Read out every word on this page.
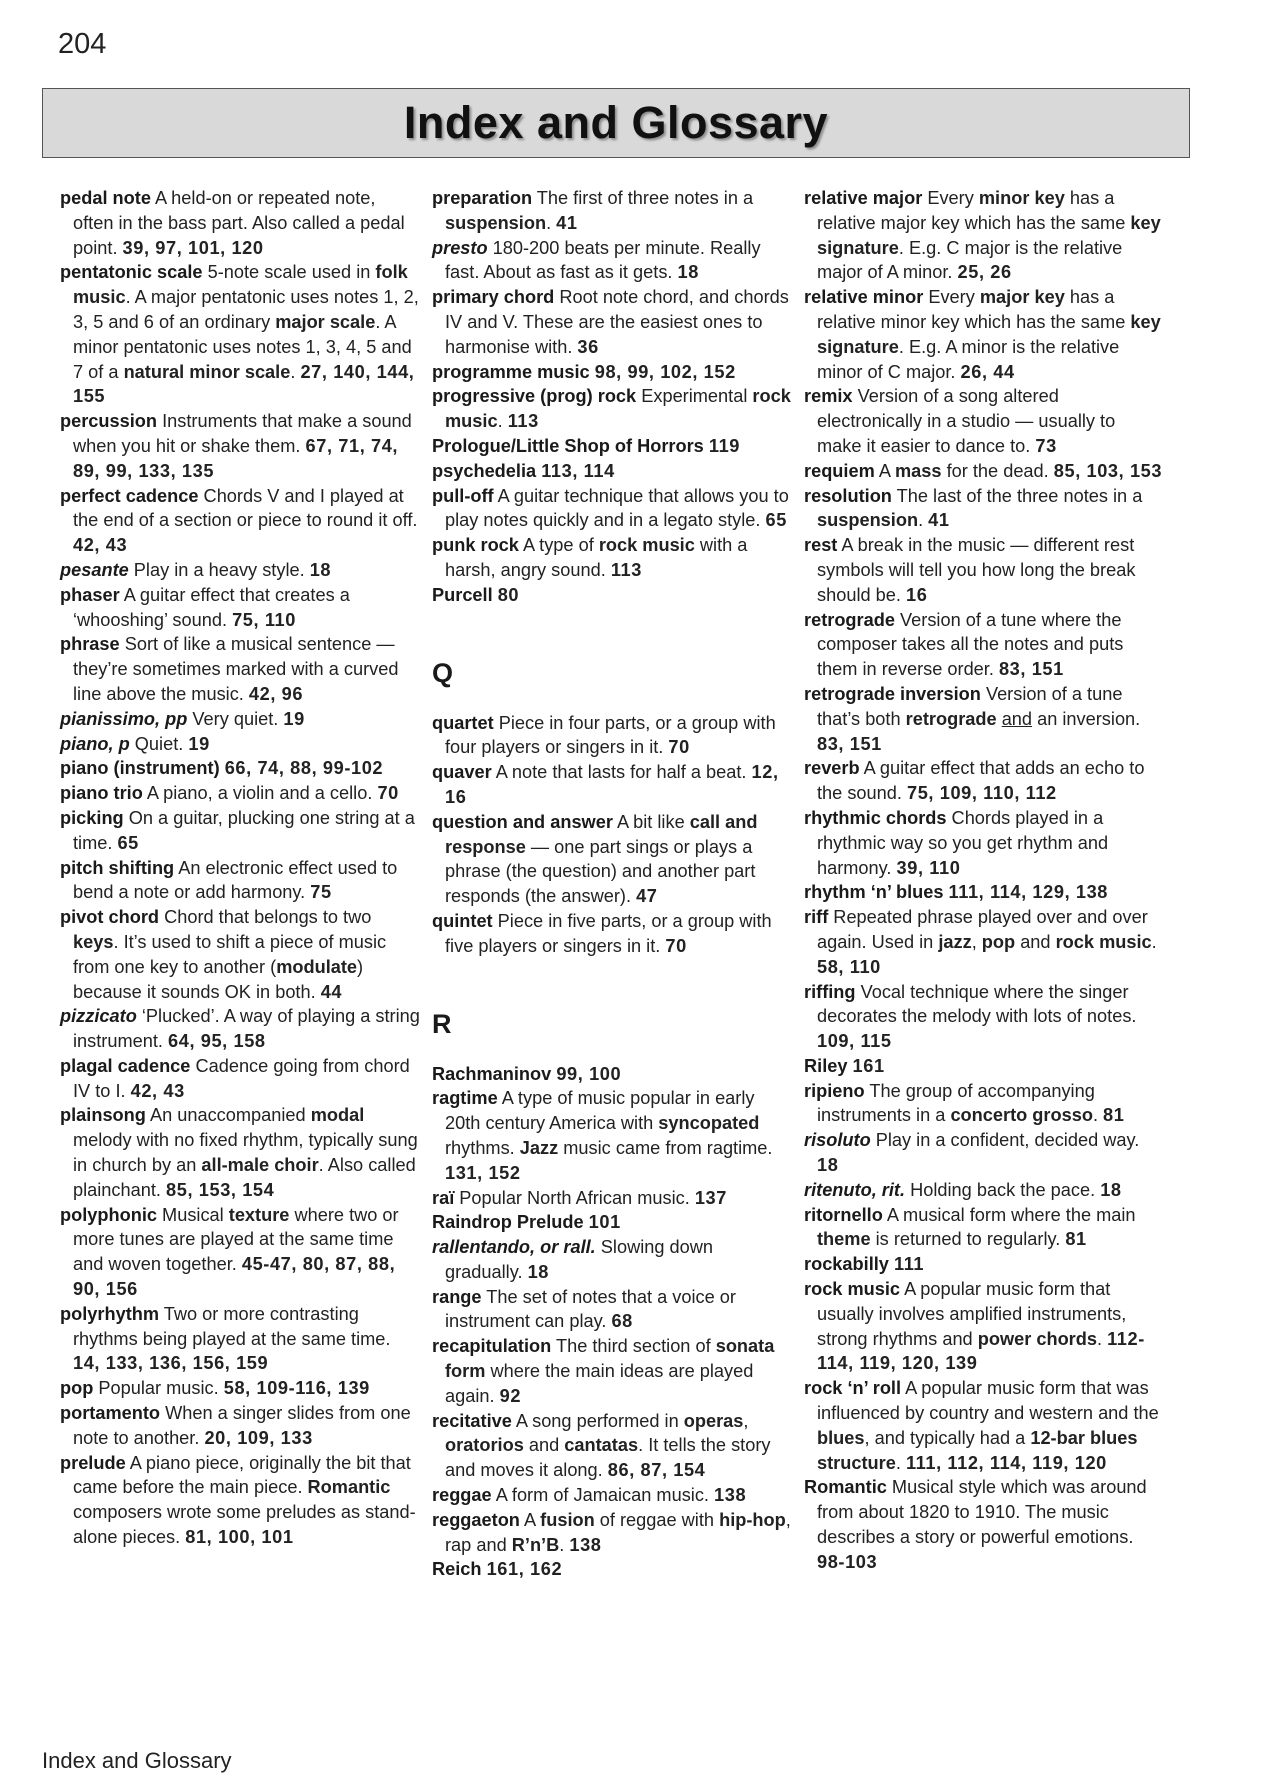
204
Index and Glossary

pedal note A held-on or repeated note, often in the bass part. Also called a pedal point. 39, 97, 101, 120

pentatonic scale 5-note scale used in folk music. A major pentatonic uses notes 1, 2, 3, 5 and 6 of an ordinary major scale. A minor pentatonic uses notes 1, 3, 4, 5 and 7 of a natural minor scale. 27, 140, 144, 155

percussion Instruments that make a sound when you hit or shake them. 67, 71, 74, 89, 99, 133, 135

perfect cadence Chords V and I played at the end of a section or piece to round it off. 42, 43

pesante Play in a heavy style. 18

phaser A guitar effect that creates a ‘whooshing’ sound. 75, 110

phrase Sort of like a musical sentence — they’re sometimes marked with a curved line above the music. 42, 96

pianissimo, pp Very quiet. 19

piano, p Quiet. 19

piano (instrument) 66, 74, 88, 99-102

piano trio A piano, a violin and a cello. 70

picking On a guitar, plucking one string at a time. 65

pitch shifting An electronic effect used to bend a note or add harmony. 75

pivot chord Chord that belongs to two keys. It’s used to shift a piece of music from one key to another (modulate) because it sounds OK in both. 44

pizzicato ‘Plucked’. A way of playing a string instrument. 64, 95, 158

plagal cadence Cadence going from chord IV to I. 42, 43

plainsong An unaccompanied modal melody with no fixed rhythm, typically sung in church by an all-male choir. Also called plainchant. 85, 153, 154

polyphonic Musical texture where two or more tunes are played at the same time and woven together. 45-47, 80, 87, 88, 90, 156

polyrhythm Two or more contrasting rhythms being played at the same time. 14, 133, 136, 156, 159

pop Popular music. 58, 109-116, 139

portamento When a singer slides from one note to another. 20, 109, 133

prelude A piano piece, originally the bit that came before the main piece. Romantic composers wrote some preludes as stand-alone pieces. 81, 100, 101

preparation The first of three notes in a suspension. 41

presto 180-200 beats per minute. Really fast. About as fast as it gets. 18

primary chord Root note chord, and chords IV and V. These are the easiest ones to harmonise with. 36

programme music 98, 99, 102, 152

progressive (prog) rock Experimental rock music. 113

Prologue/Little Shop of Horrors 119

psychedelia 113, 114

pull-off A guitar technique that allows you to play notes quickly and in a legato style. 65

punk rock A type of rock music with a harsh, angry sound. 113

Purcell 80

Q

quartet Piece in four parts, or a group with four players or singers in it. 70

quaver A note that lasts for half a beat. 12, 16

question and answer A bit like call and response — one part sings or plays a phrase (the question) and another part responds (the answer). 47

quintet Piece in five parts, or a group with five players or singers in it. 70

R

Rachmaninov 99, 100

ragtime A type of music popular in early 20th century America with syncopated rhythms. Jazz music came from ragtime. 131, 152

raï Popular North African music. 137

Raindrop Prelude 101

rallentando, or rall. Slowing down gradually. 18

range The set of notes that a voice or instrument can play. 68

recapitulation The third section of sonata form where the main ideas are played again. 92

recitative A song performed in operas, oratorios and cantatas. It tells the story and moves it along. 86, 87, 154

reggae A form of Jamaican music. 138

reggaeton A fusion of reggae with hip-hop, rap and R’n’B. 138

Reich 161, 162

relative major Every minor key has a relative major key which has the same key signature. E.g. C major is the relative major of A minor. 25, 26

relative minor Every major key has a relative minor key which has the same key signature. E.g. A minor is the relative minor of C major. 26, 44

remix Version of a song altered electronically in a studio — usually to make it easier to dance to. 73

requiem A mass for the dead. 85, 103, 153

resolution The last of the three notes in a suspension. 41

rest A break in the music — different rest symbols will tell you how long the break should be. 16

retrograde Version of a tune where the composer takes all the notes and puts them in reverse order. 83, 151

retrograde inversion Version of a tune that’s both retrograde and an inversion. 83, 151

reverb A guitar effect that adds an echo to the sound. 75, 109, 110, 112

rhythmic chords Chords played in a rhythmic way so you get rhythm and harmony. 39, 110

rhythm ‘n’ blues 111, 114, 129, 138

riff Repeated phrase played over and over again. Used in jazz, pop and rock music. 58, 110

riffing Vocal technique where the singer decorates the melody with lots of notes. 109, 115

Riley 161

ripieno The group of accompanying instruments in a concerto grosso. 81

risoluto Play in a confident, decided way. 18

ritenuto, rit. Holding back the pace. 18

ritornello A musical form where the main theme is returned to regularly. 81

rockabilly 111

rock music A popular music form that usually involves amplified instruments, strong rhythms and power chords. 112-114, 119, 120, 139

rock ‘n’ roll A popular music form that was influenced by country and western and the blues, and typically had a 12-bar blues structure. 111, 112, 114, 119, 120

Romantic Musical style which was around from about 1820 to 1910. The music describes a story or powerful emotions. 98-103

Index and Glossary
